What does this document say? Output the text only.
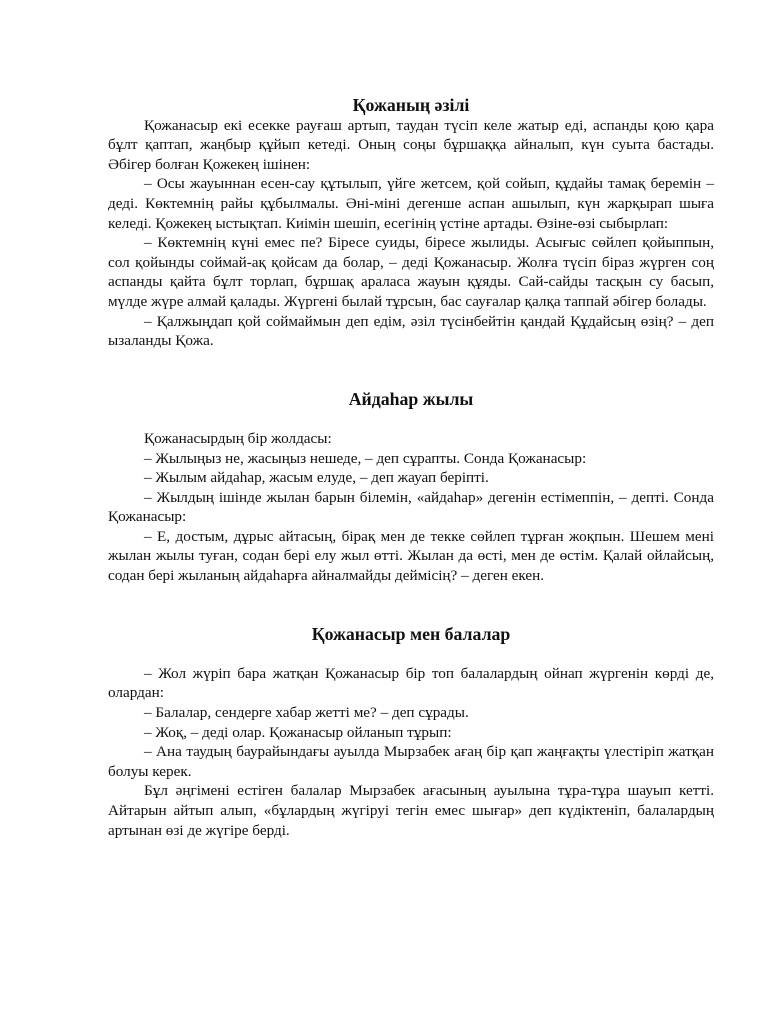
Қожаның әзілі

Қожанасыр екі есекке рауғаш артып, таудан түсіп келе жатыр еді, аспанды қою қара бұлт қаптап, жаңбыр құйып кетеді. Оның соңы бұршаққа айналып, күн суыта бастады. Әбігер болған Қожекең ішінен:

– Осы жауыннан есен-сау құтылып, үйге жетсем, қой сойып, құдайы тамақ беремін – деді. Көктемнің райы құбылмалы. Әні-міні дегенше аспан ашылып, күн жарқырап шыға келеді. Қожекең ыстықтап. Киімін шешіп, есегінің үстіне артады. Өзіне-өзі сыбырлап:

– Көктемнің күні емес пе? Біресе суиды, біресе жылиды. Асығыс сөйлеп қойыппын, сол қойынды соймай-ақ қойсам да болар, – деді Қожанасыр. Жолға түсіп біраз жүрген соң аспанды қайта бұлт торлап, бұршақ араласа жауын құяды. Сай-сайды тасқын су басып, мүлде жүре алмай қалады. Жүргені былай тұрсын, бас сауғалар қалқа таппай әбігер болады.

– Қалжыңдап қой соймаймын деп едім, әзіл түсінбейтін қандай Құдайсың өзің? – деп ызаланды Қожа.

Айдаһар жылы

Қожанасырдың бір жолдасы:

– Жылыңыз не, жасыңыз нешеде, – деп сұрапты. Сонда Қожанасыр:

– Жылым айдаһар, жасым елуде, – деп жауап беріпті.

– Жылдың ішінде жылан барын білемін, «айдаһар» дегенін естімеппін, – депті. Сонда Қожанасыр:

– Е, достым, дұрыс айтасың, бірақ мен де текке сөйлеп тұрған жоқпын. Шешем мені жылан жылы туған, содан бері елу жыл өтті. Жылан да өсті, мен де өстім. Қалай ойлайсың, содан бері жыланың айдаһарға айналмайды деймісің? – деген екен.

Қожанасыр мен балалар

– Жол жүріп бара жатқан Қожанасыр бір топ балалардың ойнап жүргенін көрді де, олардан:

– Балалар, сендерге хабар жетті ме? – деп сұрады.

– Жоқ, – деді олар. Қожанасыр ойланып тұрып:

– Ана таудың баурайындағы ауылда Мырзабек ағаң бір қап жаңғақты үлестіріп жатқан болуы керек.

Бұл әңгімені естіген балалар Мырзабек ағасының ауылына тұра-тұра шауып кетті. Айтарын айтып алып, «бұлардың жүгіруі тегін емес шығар» деп күдіктеніп, балалардың артынан өзі де жүгіре берді.
